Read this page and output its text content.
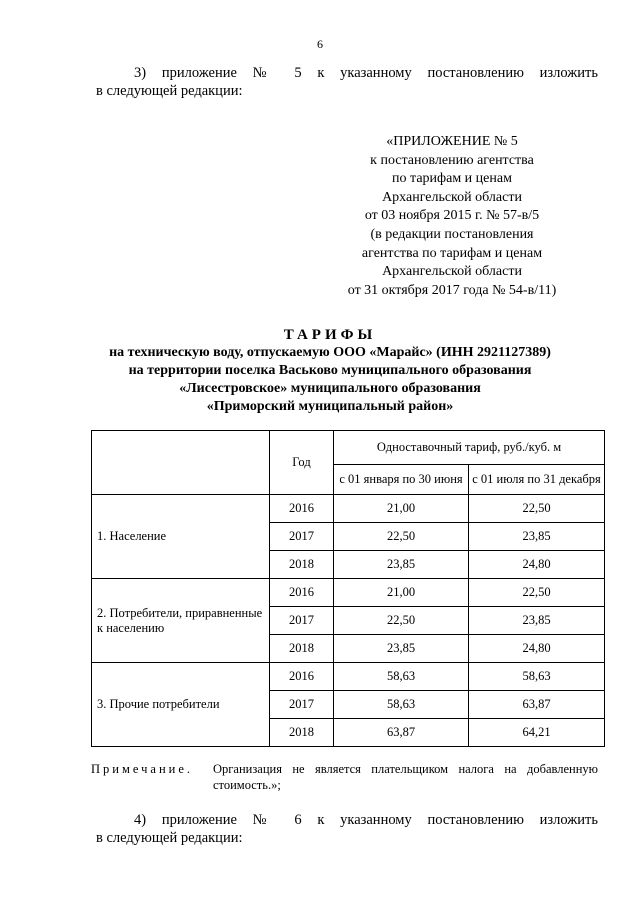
6
3) приложение № 5 к указанному постановлению изложить
в следующей редакции:
«ПРИЛОЖЕНИЕ № 5
к постановлению агентства
по тарифам и ценам
Архангельской области
от 03 ноября 2015 г. № 57-в/5
(в редакции постановления
агентства по тарифам и ценам
Архангельской области
от 31 октября 2017 года № 54-в/11)
ТАРИФЫ
на техническую воду, отпускаемую ООО «Марайс» (ИНН 2921127389)
на территории поселка Васьково муниципального образования
«Лисестровское» муниципального образования
«Приморский муниципальный район»
	Год	Одноставочный тариф, руб./куб. м	
		с 01 января по 30 июня	с 01 июля по 31 декабря
1. Население	2016	21,00	22,50
	2017	22,50	23,85
	2018	23,85	24,80
2. Потребители, приравненные к населению	2016	21,00	22,50
	2017	22,50	23,85
	2018	23,85	24,80
3. Прочие потребители	2016	58,63	58,63
	2017	58,63	63,87
	2018	63,87	64,21
Примечание. Организация не является плательщиком налога на добавленную
стоимость.»;
4) приложение № 6 к указанному постановлению изложить
в следующей редакции:
